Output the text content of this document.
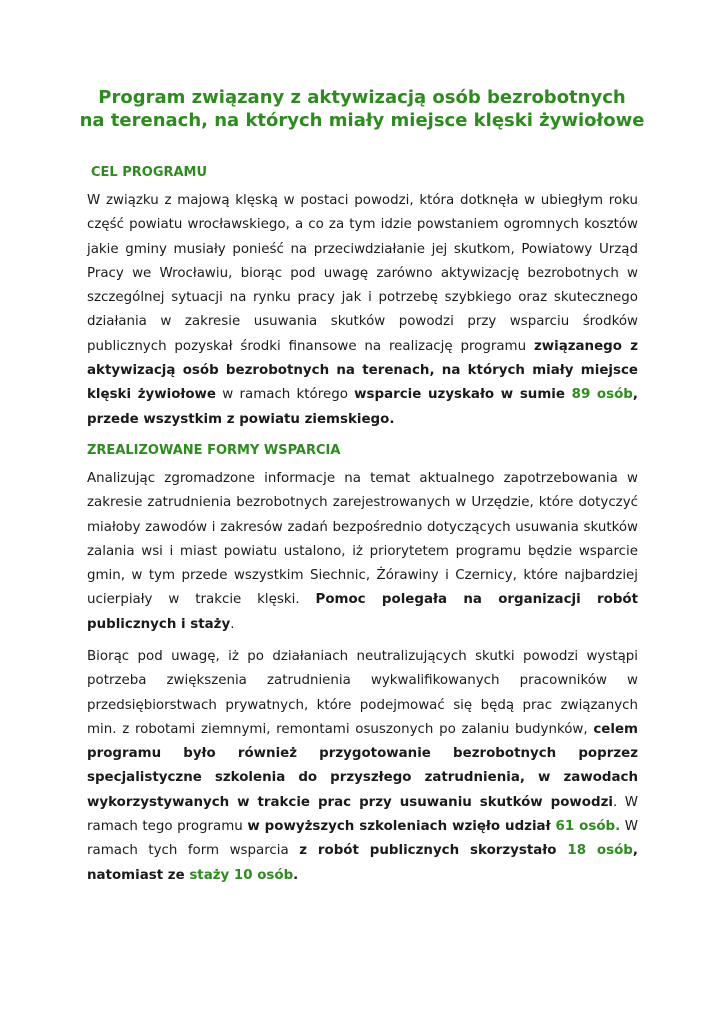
Program związany z aktywizacją osób bezrobotnych
na terenach, na których miały miejsce klęski żywiołowe
CEL PROGRAMU

W związku z majową klęską w postaci powodzi, która dotknęła w ubiegłym roku część powiatu wrocławskiego, a co za tym idzie powstaniem ogromnych kosztów jakie gminy musiały ponieść na przeciwdziałanie jej skutkom, Powiatowy Urząd Pracy we Wrocławiu, biorąc pod uwagę zarówno aktywizację bezrobotnych w szczególnej sytuacji na rynku pracy jak i potrzebę szybkiego oraz skutecznego działania w zakresie usuwania skutków powodzi przy wsparciu środków publicznych pozyskał środki finansowe na realizację programu związanego z aktywizacją osób bezrobotnych na terenach, na których miały miejsce klęski żywiołowe w ramach którego wsparcie uzyskało w sumie 89 osób, przede wszystkim z powiatu ziemskiego.

ZREALIZOWANE FORMY WSPARCIA

Analizując zgromadzone informacje na temat aktualnego zapotrzebowania w zakresie zatrudnienia bezrobotnych zarejestrowanych w Urzędzie, które dotyczyć miałoby zawodów i zakresów zadań bezpośrednio dotyczących usuwania skutków zalania wsi i miast powiatu ustalono, iż priorytetem programu będzie wsparcie gmin, w tym przede wszystkim Siechnic, Żórawiny i Czernicy, które najbardziej ucierpiały w trakcie klęski. Pomoc polegała na organizacji robót publicznych i staży.

Biorąc pod uwagę, iż po działaniach neutralizujących skutki powodzi wystąpi potrzeba zwiększenia zatrudnienia wykwalifikowanych pracowników w przedsiębiorstwach prywatnych, które podejmować się będą prac związanych min. z robotami ziemnymi, remontami osuszonych po zalaniu budynków, celem programu było również przygotowanie bezrobotnych poprzez specjalistyczne szkolenia do przyszłego zatrudnienia, w zawodach wykorzystywanych w trakcie prac przy usuwaniu skutków powodzi. W ramach tego programu w powyższych szkoleniach wzięło udział 61 osób. W ramach tych form wsparcia z robót publicznych skorzystało 18 osób, natomiast ze staży 10 osób.
